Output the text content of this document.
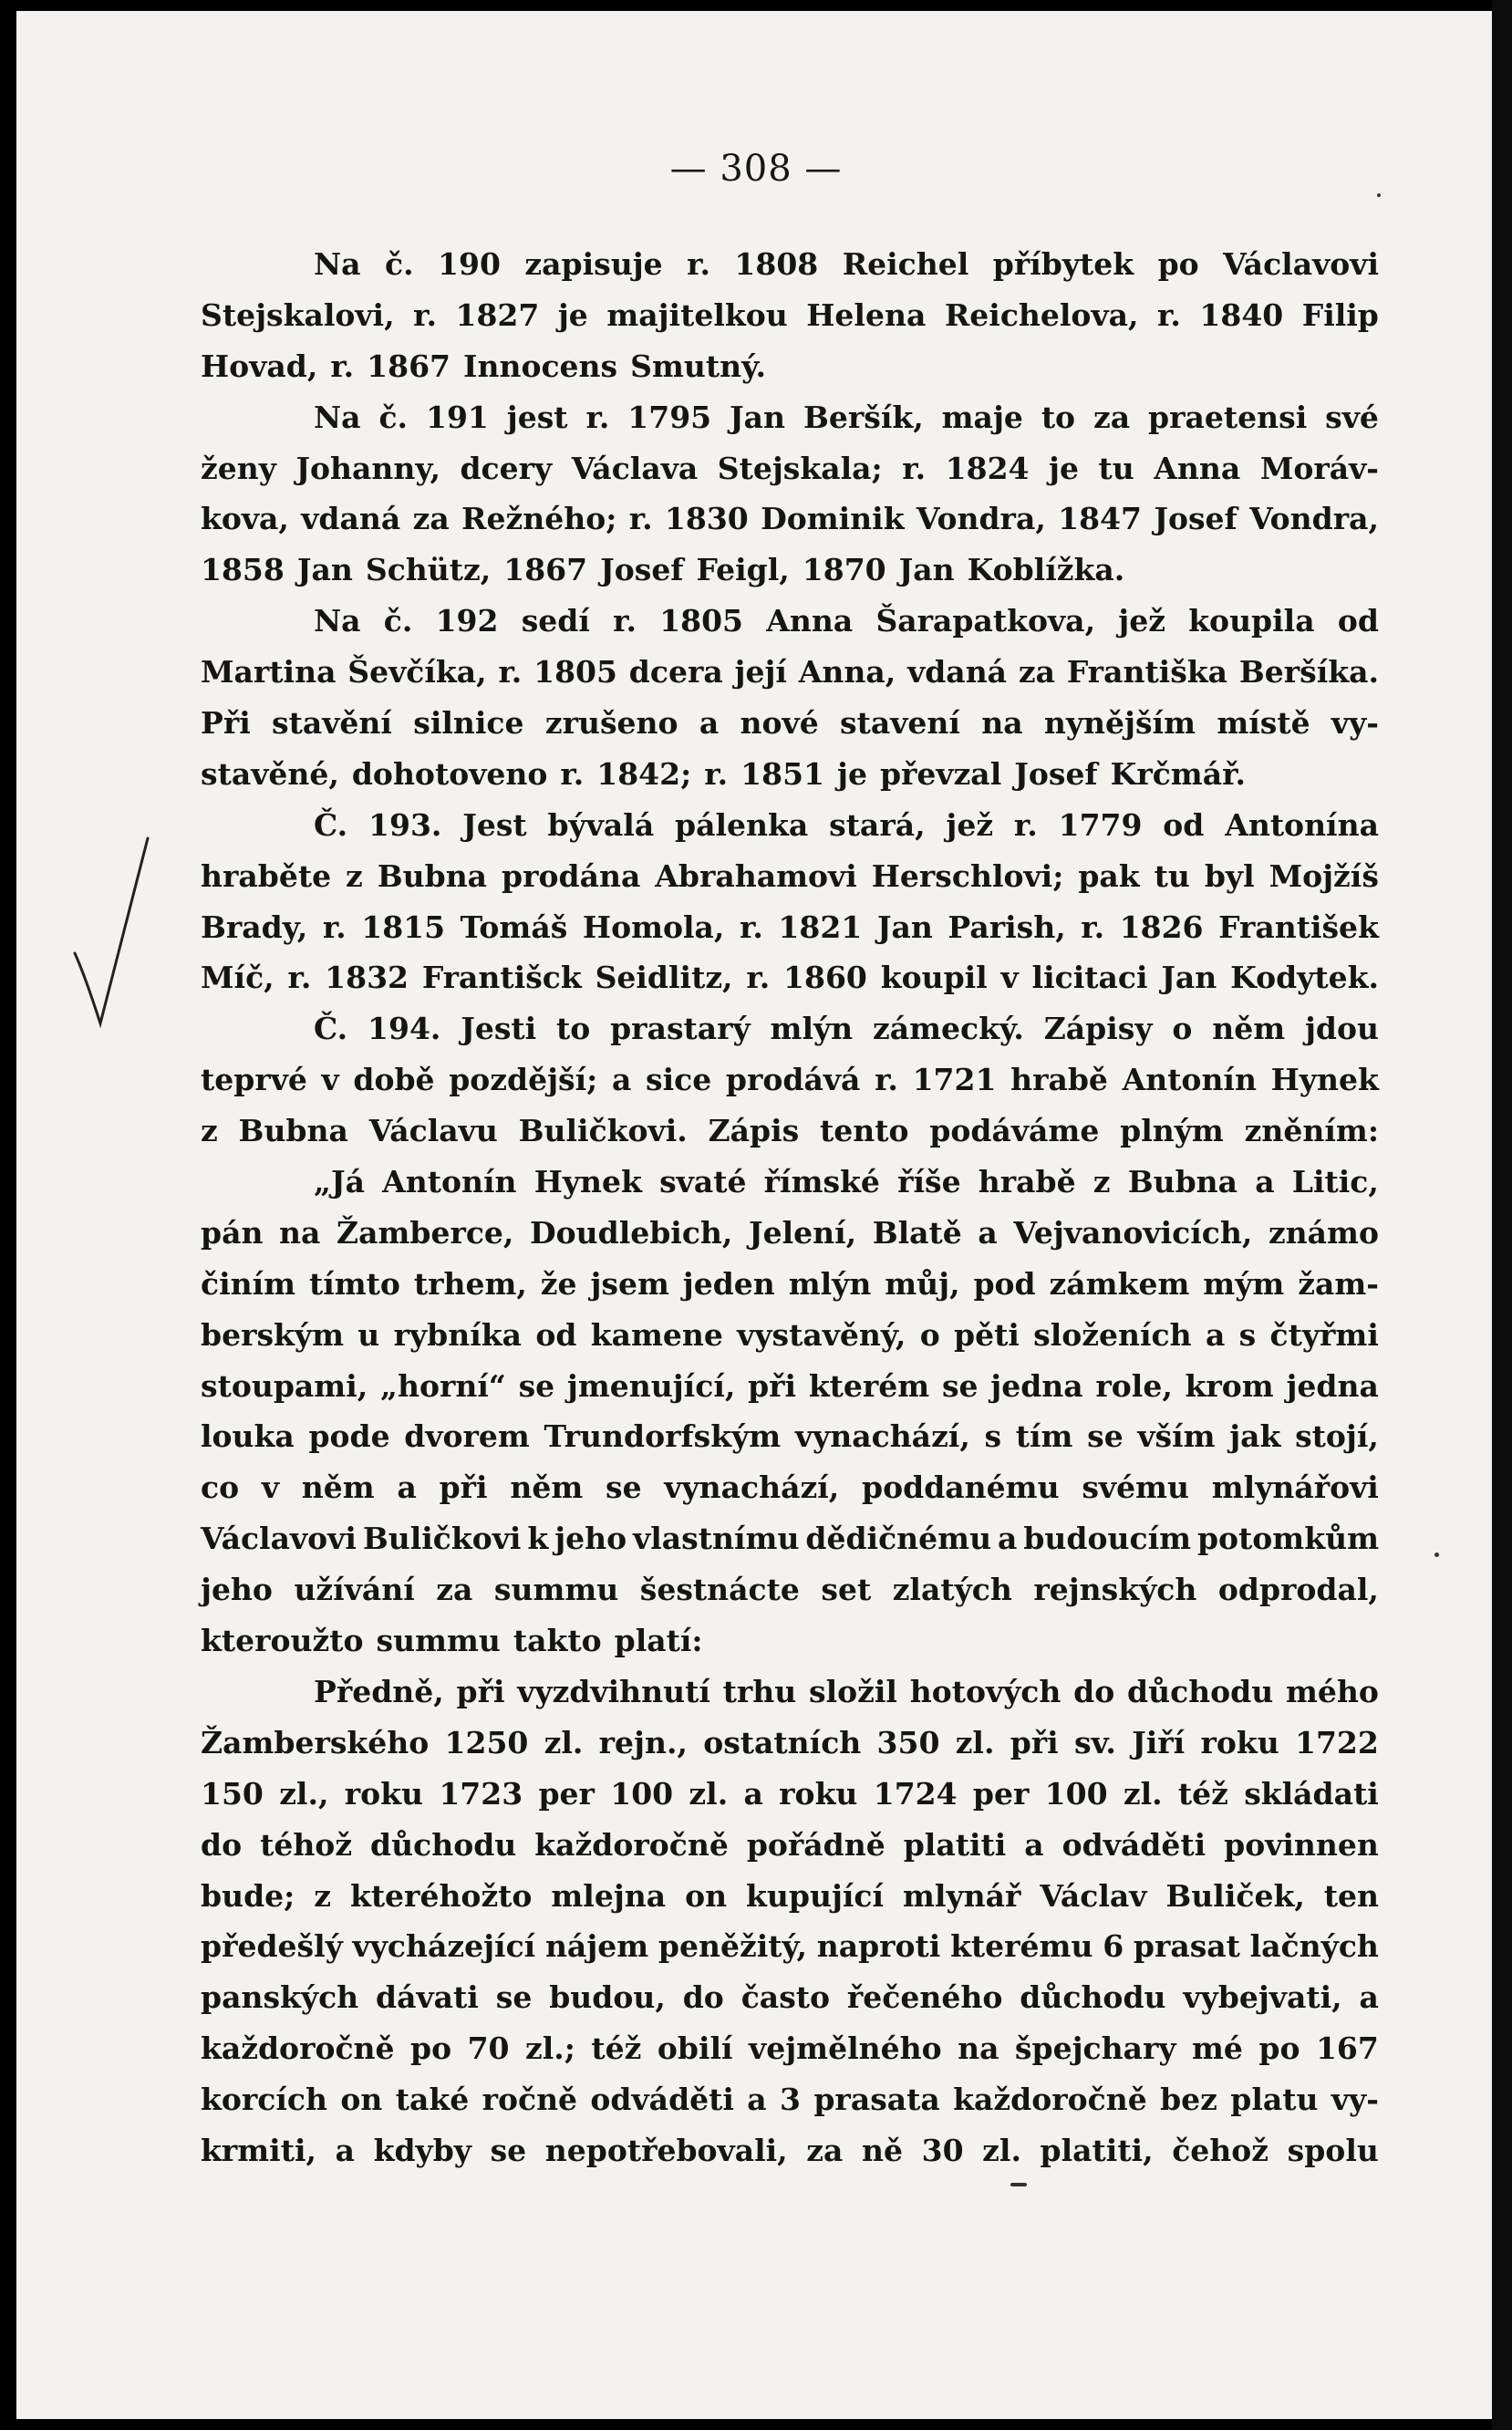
— 308 —
Na č. 190 zapisuje r. 1808 Reichel příbytek po Václavovi
Stejskalovi, r. 1827 je majitelkou Helena Reichelova, r. 1840 Filip
Hovad, r. 1867 Innocens Smutný.
Na č. 191 jest r. 1795 Jan Beršík, maje to za praetensi své
ženy Johanny, dcery Václava Stejskala; r. 1824 je tu Anna Moráv-
kova, vdaná za Režného; r. 1830 Dominik Vondra, 1847 Josef Vondra,
1858 Jan Schütz, 1867 Josef Feigl, 1870 Jan Koblížka.
Na č. 192 sedí r. 1805 Anna Šarapatkova, jež koupila od
Martina Ševčíka, r. 1805 dcera její Anna, vdaná za Františka Beršíka.
Při stavění silnice zrušeno a nové stavení na nynějším místě vy-
stavěné, dohotoveno r. 1842; r. 1851 je převzal Josef Krčmář.
Č. 193. Jest bývalá pálenka stará, jež r. 1779 od Antonína
hraběte z Bubna prodána Abrahamovi Herschlovi; pak tu byl Mojžíš
Brady, r. 1815 Tomáš Homola, r. 1821 Jan Parish, r. 1826 František
Míč, r. 1832 Františck Seidlitz, r. 1860 koupil v licitaci Jan Kodytek.
Č. 194. Jesti to prastarý mlýn zámecký. Zápisy o něm jdou
teprvé v době pozdější; a sice prodává r. 1721 hrabě Antonín Hynek
z Bubna Václavu Buličkovi. Zápis tento podáváme plným zněním:
„Já Antonín Hynek svaté římské říše hrabě z Bubna a Litic,
pán na Žamberce, Doudlebich, Jelení, Blatě a Vejvanovicích, známo
činím tímto trhem, že jsem jeden mlýn můj, pod zámkem mým žam-
berským u rybníka od kamene vystavěný, o pěti složeních a s čtyřmi
stoupami, „horní“ se jmenující, při kterém se jedna role, krom jedna
louka pode dvorem Trundorfským vynachází, s tím se vším jak stojí,
co v něm a při něm se vynachází, poddanému svému mlynářovi
Václavovi Buličkovi k jeho vlastnímu dědičnému a budoucím potomkům
jeho užívání za summu šestnácte set zlatých rejnských odprodal,
kteroužto summu takto platí:
Předně, při vyzdvihnutí trhu složil hotových do důchodu mého
Žamberského 1250 zl. rejn., ostatních 350 zl. při sv. Jiří roku 1722
150 zl., roku 1723 per 100 zl. a roku 1724 per 100 zl. též skládati
do téhož důchodu každoročně pořádně platiti a odváděti povinnen
bude; z kteréhožto mlejna on kupující mlynář Václav Buliček, ten
předešlý vycházející nájem peněžitý, naproti kterému 6 prasat lačných
panských dávati se budou, do často řečeného důchodu vybejvati, a
každoročně po 70 zl.; též obilí vejmělného na špejchary mé po 167
korcích on také ročně odváděti a 3 prasata každoročně bez platu vy-
krmiti, a kdyby se nepotřebovali, za ně 30 zl. platiti, čehož spolu
